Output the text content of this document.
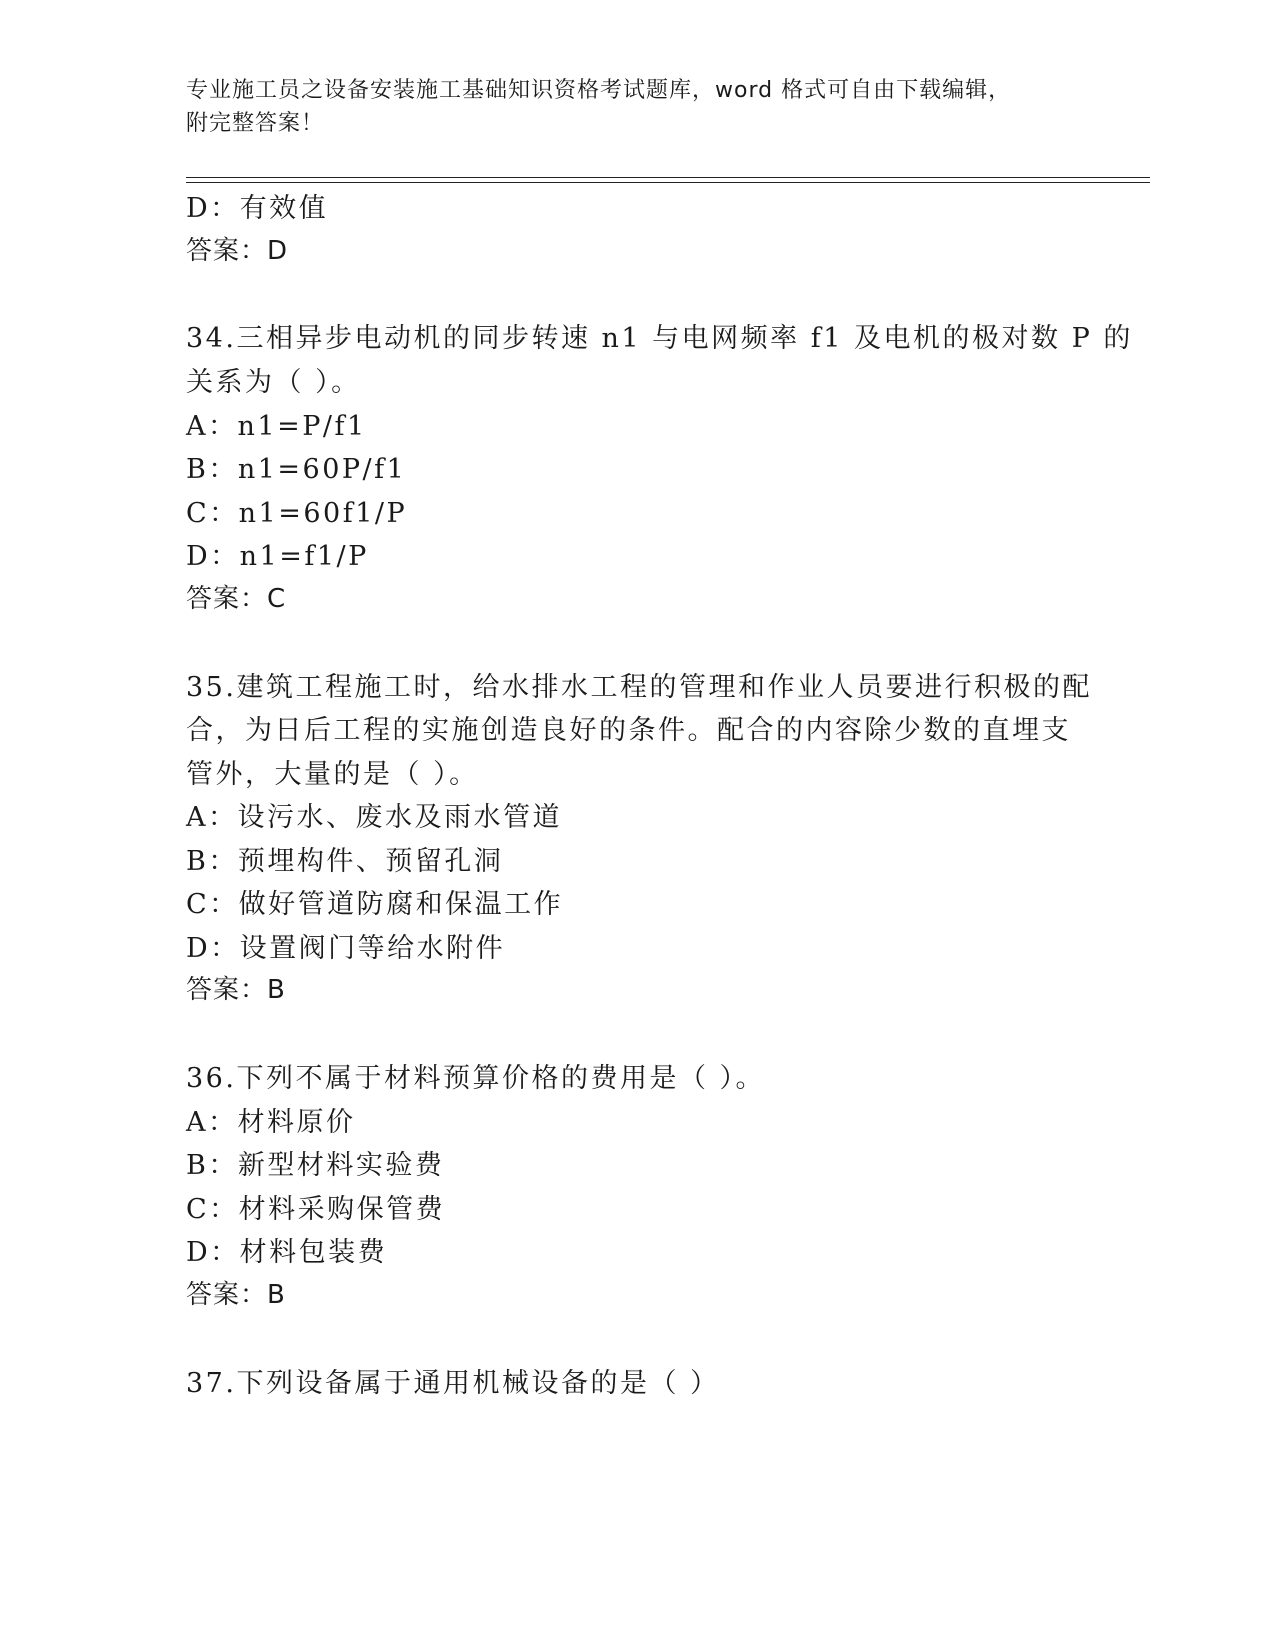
专业施工员之设备安装施工基础知识资格考试题库，word 格式可自由下载编辑，
附完整答案！
D：有效值
答案：D
34.三相异步电动机的同步转速 n1 与电网频率 f1 及电机的极对数 P 的
关系为（ ）。
A：n1=P/f1
B：n1=60P/f1
C：n1=60f1/P
D：n1=f1/P
答案：C
35.建筑工程施工时，给水排水工程的管理和作业人员要进行积极的配
合，为日后工程的实施创造良好的条件。配合的内容除少数的直埋支
管外，大量的是（ ）。
A：设污水、废水及雨水管道
B：预埋构件、预留孔洞
C：做好管道防腐和保温工作
D：设置阀门等给水附件
答案：B
36.下列不属于材料预算价格的费用是（ ）。
A：材料原价
B：新型材料实验费
C：材料采购保管费
D：材料包装费
答案：B
37.下列设备属于通用机械设备的是（ ）
